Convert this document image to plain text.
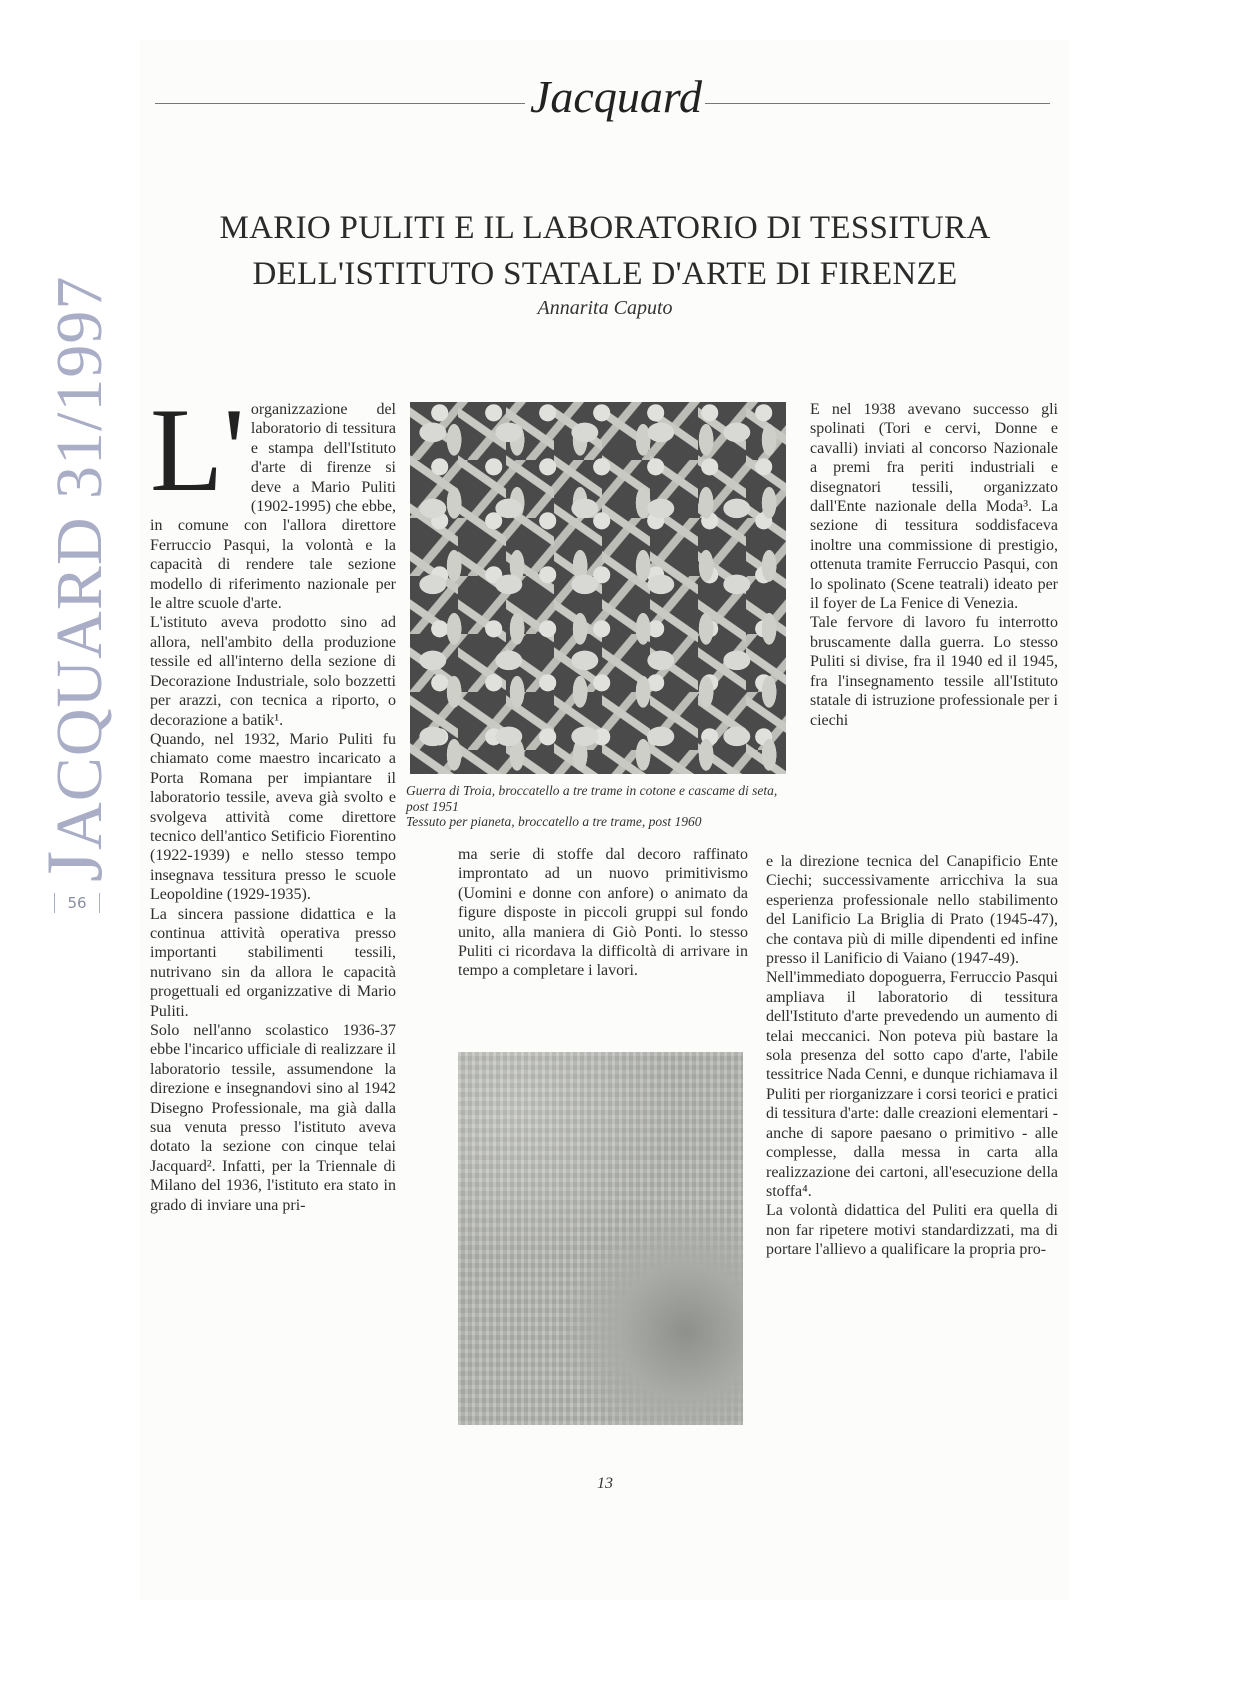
JACQUARD 31/1997
56
Jacquard
MARIO PULITI E IL LABORATORIO DI TESSITURA
DELL'ISTITUTO STATALE D'ARTE DI FIRENZE
Annarita Caputo

L' organizzazione del laboratorio di tessitura e stampa dell'Istituto d'arte di firenze si deve a Mario Puliti (1902-1995) che ebbe, in comune con l'allora direttore Ferruccio Pasqui, la volontà e la capacità di rendere tale sezione modello di riferimento nazionale per le altre scuole d'arte.

L'istituto aveva prodotto sino ad allora, nell'ambito della produzione tessile ed all'interno della sezione di Decorazione Industriale, solo bozzetti per arazzi, con tecnica a riporto, o decorazione a batik¹.

Quando, nel 1932, Mario Puliti fu chiamato come maestro incaricato a Porta Romana per impiantare il laboratorio tessile, aveva già svolto e svolgeva attività come direttore tecnico dell'antico Setificio Fiorentino (1922-1939) e nello stesso tempo insegnava tessitura presso le scuole Leopoldine (1929-1935).

La sincera passione didattica e la continua attività operativa presso importanti stabilimenti tessili, nutrivano sin da allora le capacità progettuali ed organizzative di Mario Puliti.

Solo nell'anno scolastico 1936-37 ebbe l'incarico ufficiale di realizzare il laboratorio tessile, assumendone la direzione e insegnandovi sino al 1942 Disegno Professionale, ma già dalla sua venuta presso l'istituto aveva dotato la sezione con cinque telai Jacquard². Infatti, per la Triennale di Milano del 1936, l'istituto era stato in grado di inviare una pri-

Guerra di Troia, broccatello a tre trame in cotone e cascame di seta, post 1951
Tessuto per pianeta, broccatello a tre trame, post 1960

ma serie di stoffe dal decoro raffinato improntato ad un nuovo primitivismo (Uomini e donne con anfore) o animato da figure disposte in piccoli gruppi sul fondo unito, alla maniera di Giò Ponti. lo stesso Puliti ci ricordava la difficoltà di arrivare in tempo a completare i lavori.

E nel 1938 avevano successo gli spolinati (Tori e cervi, Donne e cavalli) inviati al concorso Nazionale a premi fra periti industriali e disegnatori tessili, organizzato dall'Ente nazionale della Moda³. La sezione di tessitura soddisfaceva inoltre una commissione di prestigio, ottenuta tramite Ferruccio Pasqui, con lo spolinato (Scene teatrali) ideato per il foyer de La Fenice di Venezia.

Tale fervore di lavoro fu interrotto bruscamente dalla guerra. Lo stesso Puliti si divise, fra il 1940 ed il 1945, fra l'insegnamento tessile all'Istituto statale di istruzione professionale per i ciechi

e la direzione tecnica del Canapificio Ente Ciechi; successivamente arricchiva la sua esperienza professionale nello stabilimento del Lanificio La Briglia di Prato (1945-47), che contava più di mille dipendenti ed infine presso il Lanificio di Vaiano (1947-49).

Nell'immediato dopoguerra, Ferruccio Pasqui ampliava il laboratorio di tessitura dell'Istituto d'arte prevedendo un aumento di telai meccanici. Non poteva più bastare la sola presenza del sotto capo d'arte, l'abile tessitrice Nada Cenni, e dunque richiamava il Puliti per riorganizzare i corsi teorici e pratici di tessitura d'arte: dalle creazioni elementari - anche di sapore paesano o primitivo - alle complesse, dalla messa in carta alla realizzazione dei cartoni, all'esecuzione della stoffa⁴.

La volontà didattica del Puliti era quella di non far ripetere motivi standardizzati, ma di portare l'allievo a qualificare la propria pro-

13
